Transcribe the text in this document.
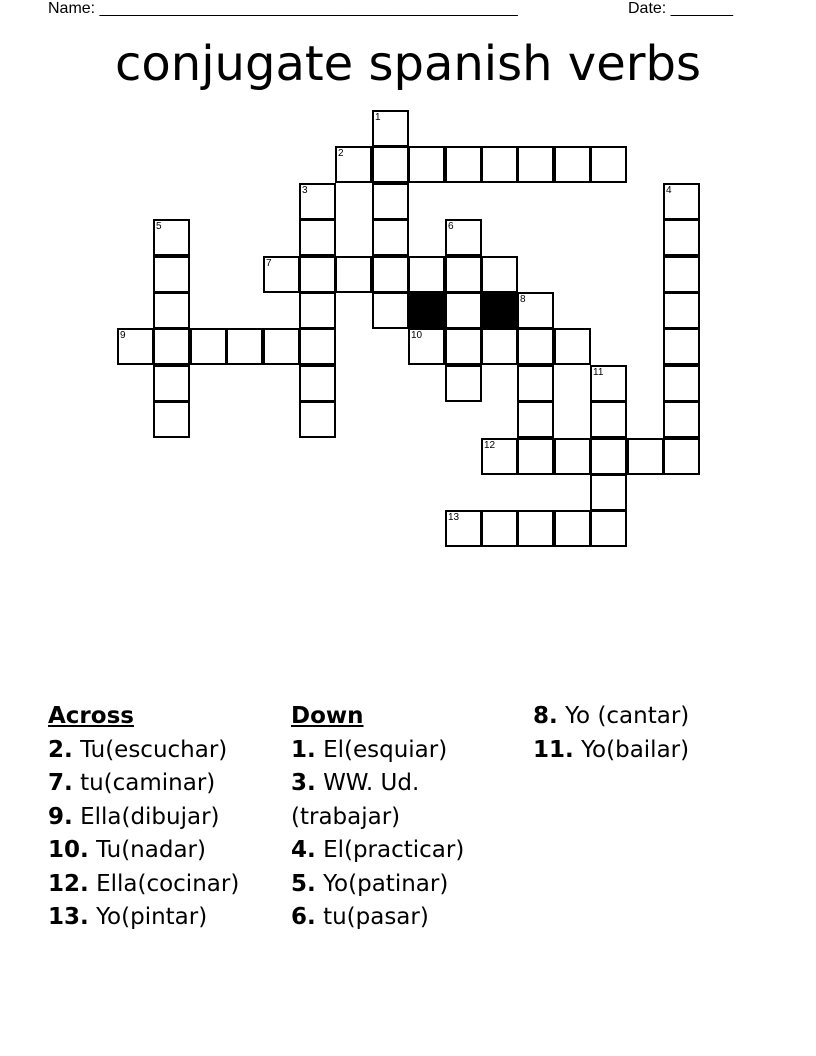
Name: _______________________________________________	Date: _______
conjugate spanish verbs
1
2
3	4
5	6
7
8
9	10
11
12
13
Across
2. Tu(escuchar)
7. tu(caminar)
9. Ella(dibujar)
10. Tu(nadar)
12. Ella(cocinar)
13. Yo(pintar)
Down
1. El(esquiar)
3. WW. Ud.(trabajar)
4. El(practicar)
5. Yo(patinar)
6. tu(pasar)
8. Yo (cantar)
11. Yo(bailar)
